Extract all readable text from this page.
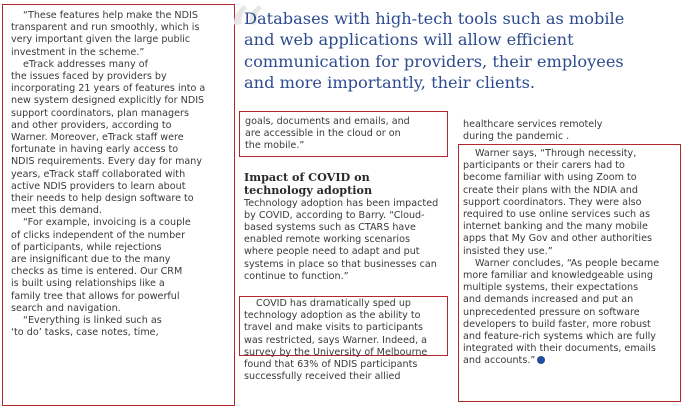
“These features help make the NDIS

transparent and run smoothly, which is

very important given the large public

investment in the scheme.”

eTrack addresses many of

the issues faced by providers by

incorporating 21 years of features into a

new system designed explicitly for NDIS

support coordinators, plan managers

and other providers, according to

Warner. Moreover, eTrack staff were

fortunate in having early access to

NDIS requirements. Every day for many

years, eTrack staff collaborated with

active NDIS providers to learn about

their needs to help design software to

meet this demand.

“For example, invoicing is a couple

of clicks independent of the number

of participants, while rejections

are insignificant due to the many

checks as time is entered. Our CRM

is built using relationships like a

family tree that allows for powerful

search and navigation.

“Everything is linked such as

‘to do’ tasks, case notes, time,

“
Databases with high-tech tools such as mobile
and web applications will allow efficient
communication for providers, their employees
and more importantly, their clients.

goals, documents and emails, and

are accessible in the cloud or on

the mobile.”

Impact of COVID on
technology adoption

Technology adoption has been impacted

by COVID, according to Barry. “Cloud-

based systems such as CTARS have

enabled remote working scenarios

where people need to adapt and put

systems in place so that businesses can

continue to function.”

COVID has dramatically sped up

technology adoption as the ability to

travel and make visits to participants

was restricted, says Warner. Indeed, a

survey by the University of Melbourne

found that 63% of NDIS participants

successfully received their allied

healthcare services remotely

during the pandemic .

Warner says, “Through necessity,

participants or their carers had to

become familiar with using Zoom to

create their plans with the NDIA and

support coordinators. They were also

required to use online services such as

internet banking and the many mobile

apps that My Gov and other authorities

insisted they use.”

Warner concludes, “As people became

more familiar and knowledgeable using

multiple systems, their expectations

and demands increased and put an

unprecedented pressure on software

developers to build faster, more robust

and feature-rich systems which are fully

integrated with their documents, emails

and accounts.”
